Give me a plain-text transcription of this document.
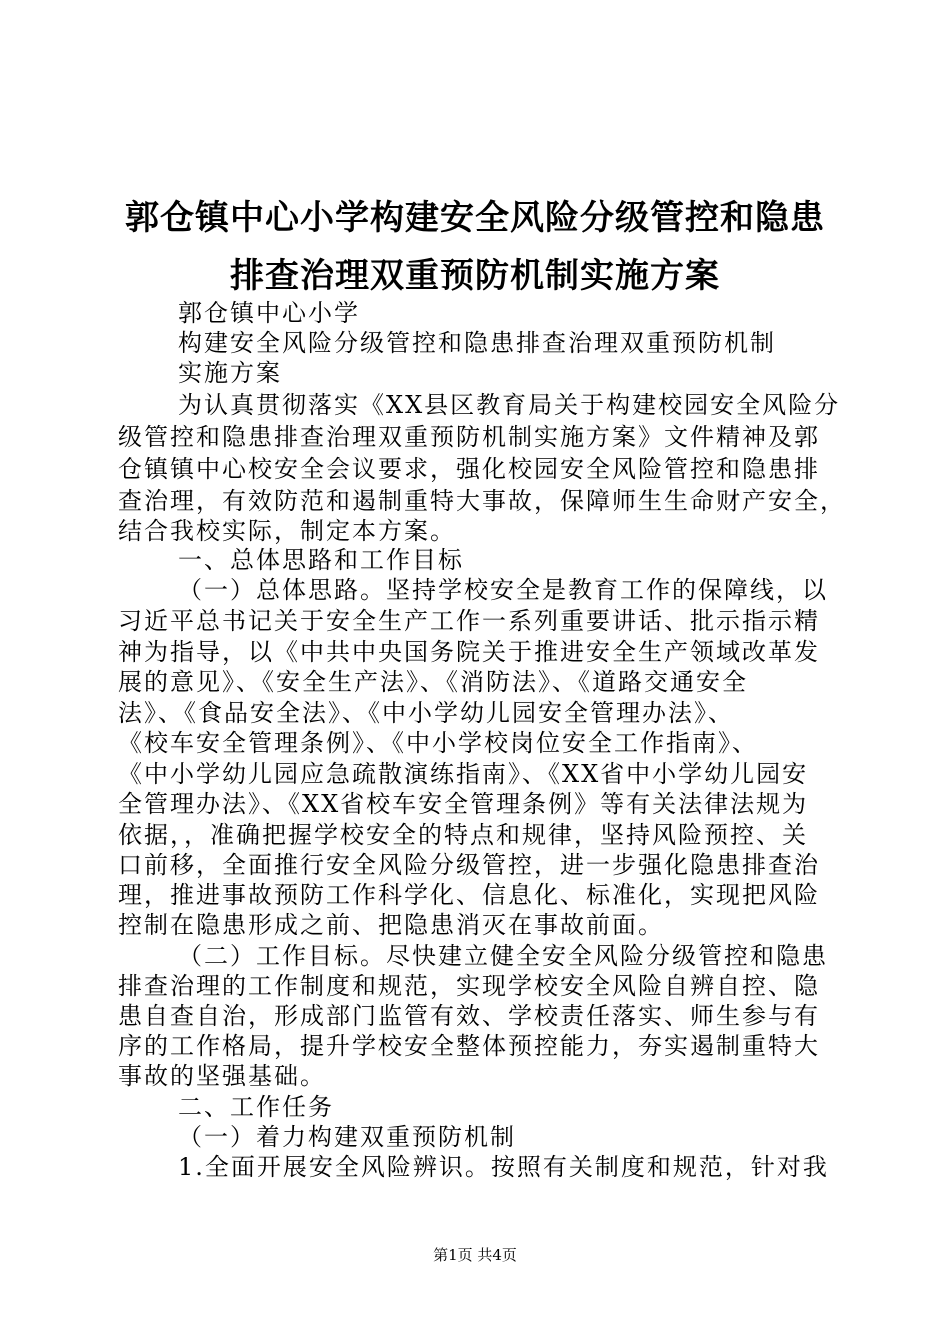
郭仓镇中心小学构建安全风险分级管控和隐患
排查治理双重预防机制实施方案
郭仓镇中心小学
构建安全风险分级管控和隐患排查治理双重预防机制
实施方案
为认真贯彻落实《XX县区教育局关于构建校园安全风险分
级管控和隐患排查治理双重预防机制实施方案》文件精神及郭
仓镇镇中心校安全会议要求，强化校园安全风险管控和隐患排
查治理，有效防范和遏制重特大事故，保障师生生命财产安全，
结合我校实际，制定本方案。
一、总体思路和工作目标
（一）总体思路。坚持学校安全是教育工作的保障线，以
习近平总书记关于安全生产工作一系列重要讲话、批示指示精
神为指导，以《中共中央国务院关于推进安全生产领域改革发
展的意见》、《安全生产法》、《消防法》、《道路交通安全
法》、《食品安全法》、《中小学幼儿园安全管理办法》、
《校车安全管理条例》、《中小学校岗位安全工作指南》、
《中小学幼儿园应急疏散演练指南》、《XX省中小学幼儿园安
全管理办法》、《XX省校车安全管理条例》等有关法律法规为
依据，，准确把握学校安全的特点和规律，坚持风险预控、关
口前移，全面推行安全风险分级管控，进一步强化隐患排查治
理，推进事故预防工作科学化、信息化、标准化，实现把风险
控制在隐患形成之前、把隐患消灭在事故前面。
（二）工作目标。尽快建立健全安全风险分级管控和隐患
排查治理的工作制度和规范，实现学校安全风险自辨自控、隐
患自查自治，形成部门监管有效、学校责任落实、师生参与有
序的工作格局，提升学校安全整体预控能力，夯实遏制重特大
事故的坚强基础。
二、工作任务
（一）着力构建双重预防机制
1.全面开展安全风险辨识。按照有关制度和规范，针对我
第1页 共4页
